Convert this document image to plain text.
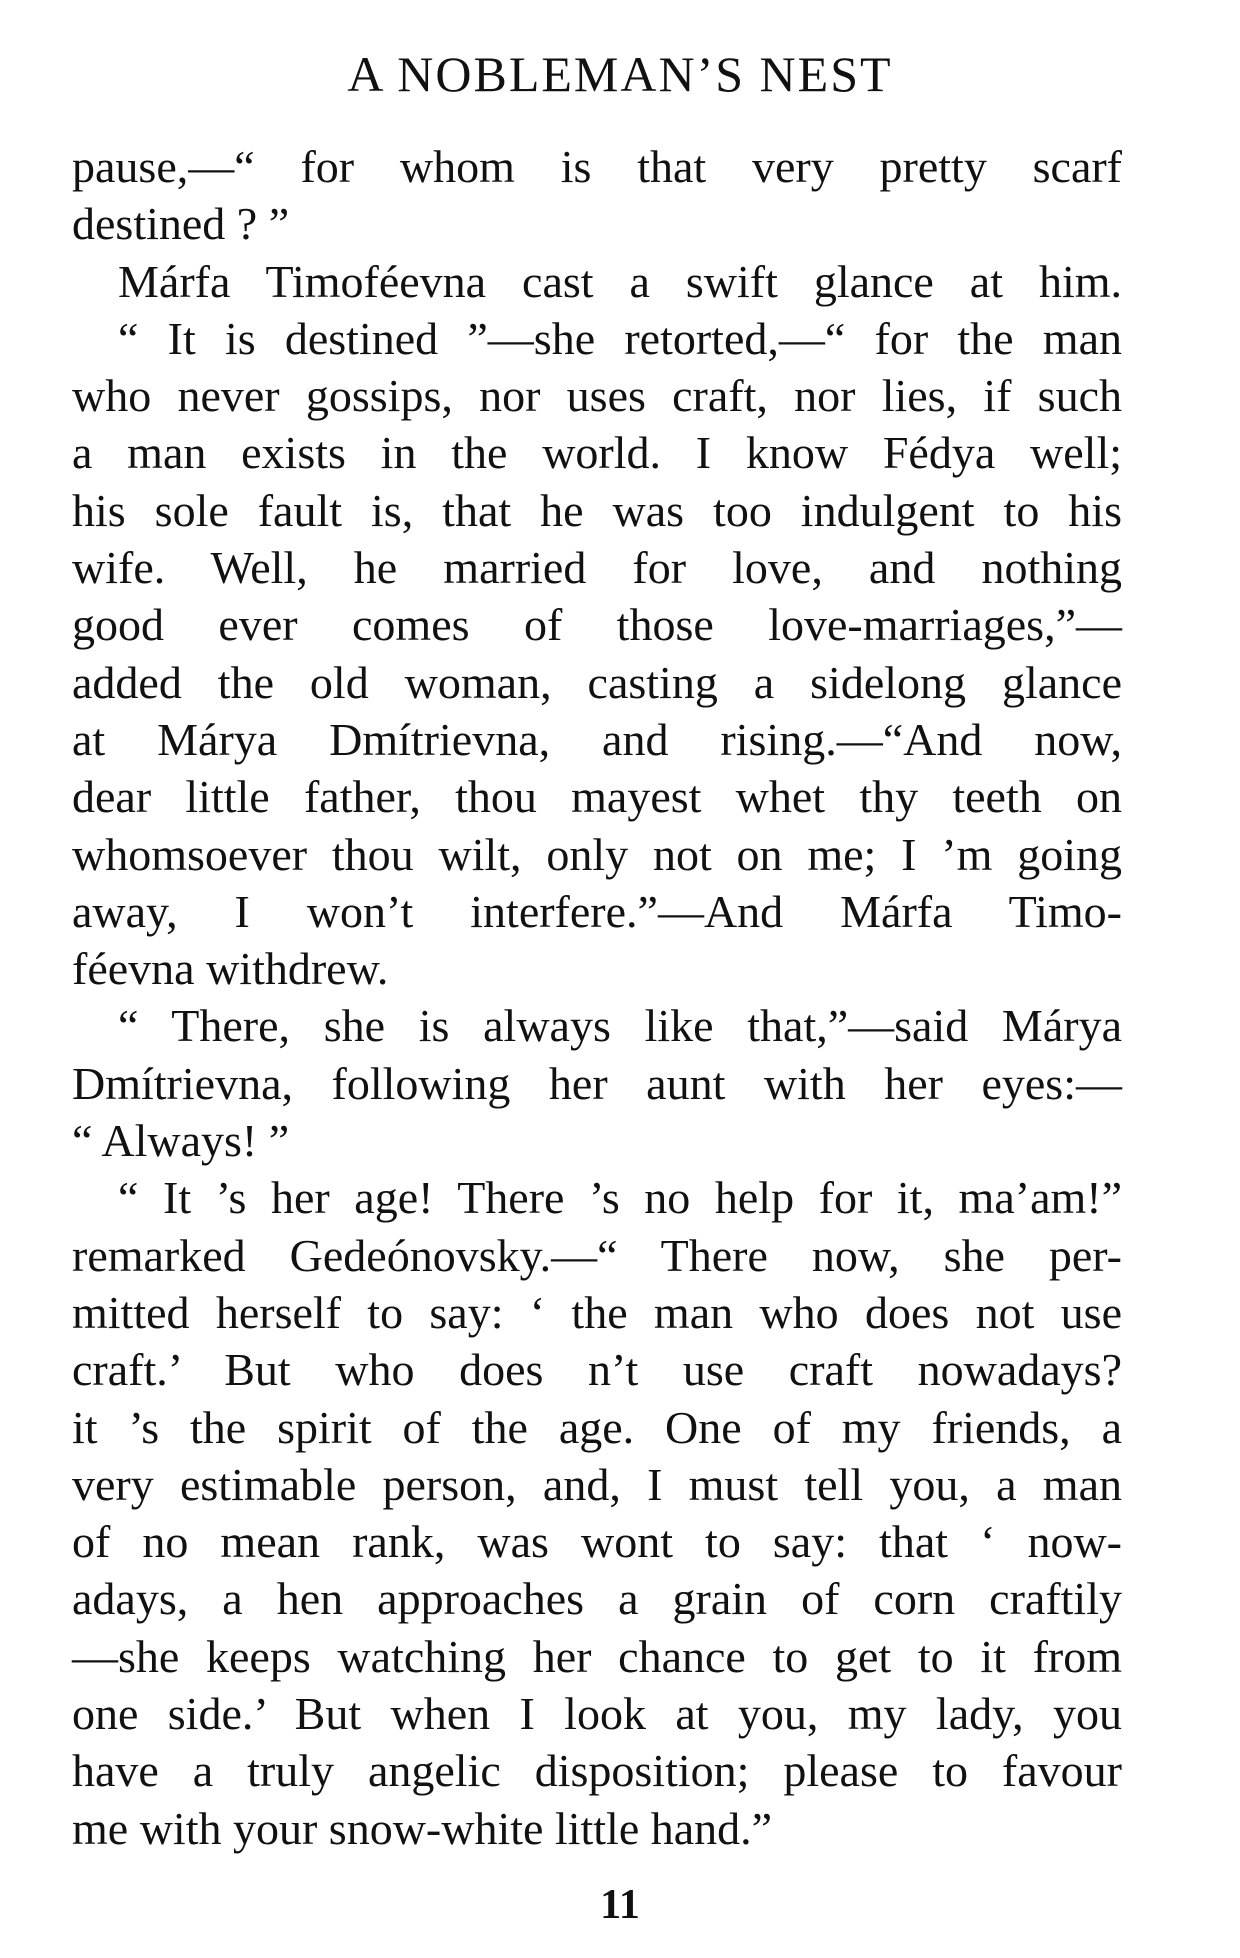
A NOBLEMAN’S NEST
pause,—“ for whom is that very pretty scarf
destined ? ”
Márfa Timoféevna cast a swift glance at him.
“ It is destined ”—she retorted,—“ for the man
who never gossips, nor uses craft, nor lies, if such
a man exists in the world. I know Fédya well;
his sole fault is, that he was too indulgent to his
wife. Well, he married for love, and nothing
good ever comes of those love-marriages,”—
added the old woman, casting a sidelong glance
at Márya Dmítrievna, and rising.—“And now,
dear little father, thou mayest whet thy teeth on
whomsoever thou wilt, only not on me; I ’m going
away, I won’t interfere.”—And Márfa Timo-
féevna withdrew.
“ There, she is always like that,”—said Márya
Dmítrievna, following her aunt with her eyes:—
“ Always! ”
“ It ’s her age! There ’s no help for it, ma’am!”
remarked Gedeónovsky.—“ There now, she per-
mitted herself to say: ‘ the man who does not use
craft.’ But who does n’t use craft nowadays?
it ’s the spirit of the age. One of my friends, a
very estimable person, and, I must tell you, a man
of no mean rank, was wont to say: that ‘ now-
adays, a hen approaches a grain of corn craftily
—she keeps watching her chance to get to it from
one side.’ But when I look at you, my lady, you
have a truly angelic disposition; please to favour
me with your snow-white little hand.”
11
